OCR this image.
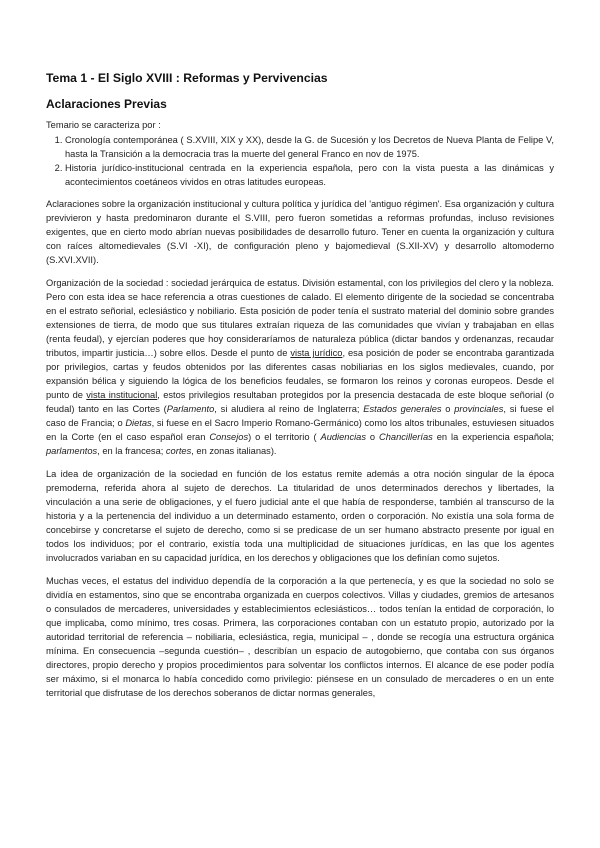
Tema 1 - El Siglo XVIII : Reformas y Pervivencias
Aclaraciones Previas

Temario se caracteriza por :

1. Cronología contemporánea ( S.XVIII, XIX y XX), desde la G. de Sucesión y los Decretos de Nueva Planta de Felipe V, hasta la Transición a la democracia tras la muerte del general Franco en nov de 1975.
2. Historia jurídico-institucional centrada en la experiencia española, pero con la vista puesta a las dinámicas y acontecimientos coetáneos vividos en otras latitudes europeas.

Aclaraciones sobre la organización institucional y cultura política y jurídica del 'antiguo régimen'. Esa organización y cultura previvieron y hasta predominaron durante el S.VIII, pero fueron sometidas a reformas profundas, incluso revisiones exigentes, que en cierto modo abrían nuevas posibilidades de desarrollo futuro. Tener en cuenta la organización y cultura con raíces altomedievales (S.VI -XI), de configuración pleno y bajomedieval (S.XII-XV) y desarrollo altomoderno (S.XVI.XVII).

Organización de la sociedad : sociedad jerárquica de estatus. División estamental, con los privilegios del clero y la nobleza. Pero con esta idea se hace referencia a otras cuestiones de calado. El elemento dirigente de la sociedad se concentraba en el estrato señorial, eclesiástico y nobiliario. Esta posición de poder tenía el sustrato material del dominio sobre grandes extensiones de tierra, de modo que sus titulares extraían riqueza de las comunidades que vivían y trabajaban en ellas (renta feudal), y ejercían poderes que hoy consideraríamos de naturaleza pública (dictar bandos y ordenanzas, recaudar tributos, impartir justicia…) sobre ellos. Desde el punto de vista jurídico, esa posición de poder se encontraba garantizada por privilegios, cartas y feudos obtenidos por las diferentes casas nobiliarias en los siglos medievales, cuando, por expansión bélica y siguiendo la lógica de los beneficios feudales, se formaron los reinos y coronas europeos. Desde el punto de vista institucional, estos privilegios resultaban protegidos por la presencia destacada de este bloque señorial (o feudal) tanto en las Cortes (Parlamento, si aludiera al reino de Inglaterra; Estados generales o provinciales, si fuese el caso de Francia; o Dietas, si fuese en el Sacro Imperio Romano-Germánico) como los altos tribunales, estuviesen situados en la Corte (en el caso español eran Consejos) o el territorio ( Audiencias o Chancillerías en la experiencia española; parlamentos, en la francesa; cortes, en zonas italianas).

La idea de organización de la sociedad en función de los estatus remite además a otra noción singular de la época premoderna, referida ahora al sujeto de derechos. La titularidad de unos determinados derechos y libertades, la vinculación a una serie de obligaciones, y el fuero judicial ante el que había de responderse, también al transcurso de la historia y a la pertenencia del individuo a un determinado estamento, orden o corporación. No existía una sola forma de concebirse y concretarse el sujeto de derecho, como si se predicase de un ser humano abstracto presente por igual en todos los individuos; por el contrario, existía toda una multiplicidad de situaciones jurídicas, en las que los agentes involucrados variaban en su capacidad jurídica, en los derechos y obligaciones que los definían como sujetos.

Muchas veces, el estatus del individuo dependía de la corporación a la que pertenecía, y es que la sociedad no solo se dividía en estamentos, sino que se encontraba organizada en cuerpos colectivos. Villas y ciudades, gremios de artesanos o consulados de mercaderes, universidades y establecimientos eclesiásticos… todos tenían la entidad de corporación, lo que implicaba, como mínimo, tres cosas. Primera, las corporaciones contaban con un estatuto propio, autorizado por la autoridad territorial de referencia – nobiliaria, eclesiástica, regia, municipal – , donde se recogía una estructura orgánica mínima. En consecuencia –segunda cuestión– , describían un espacio de autogobierno, que contaba con sus órganos directores, propio derecho y propios procedimientos para solventar los conflictos internos. El alcance de ese poder podía ser máximo, si el monarca lo había concedido como privilegio: piénsese en un consulado de mercaderes o en un ente territorial que disfrutase de los derechos soberanos de dictar normas generales,
